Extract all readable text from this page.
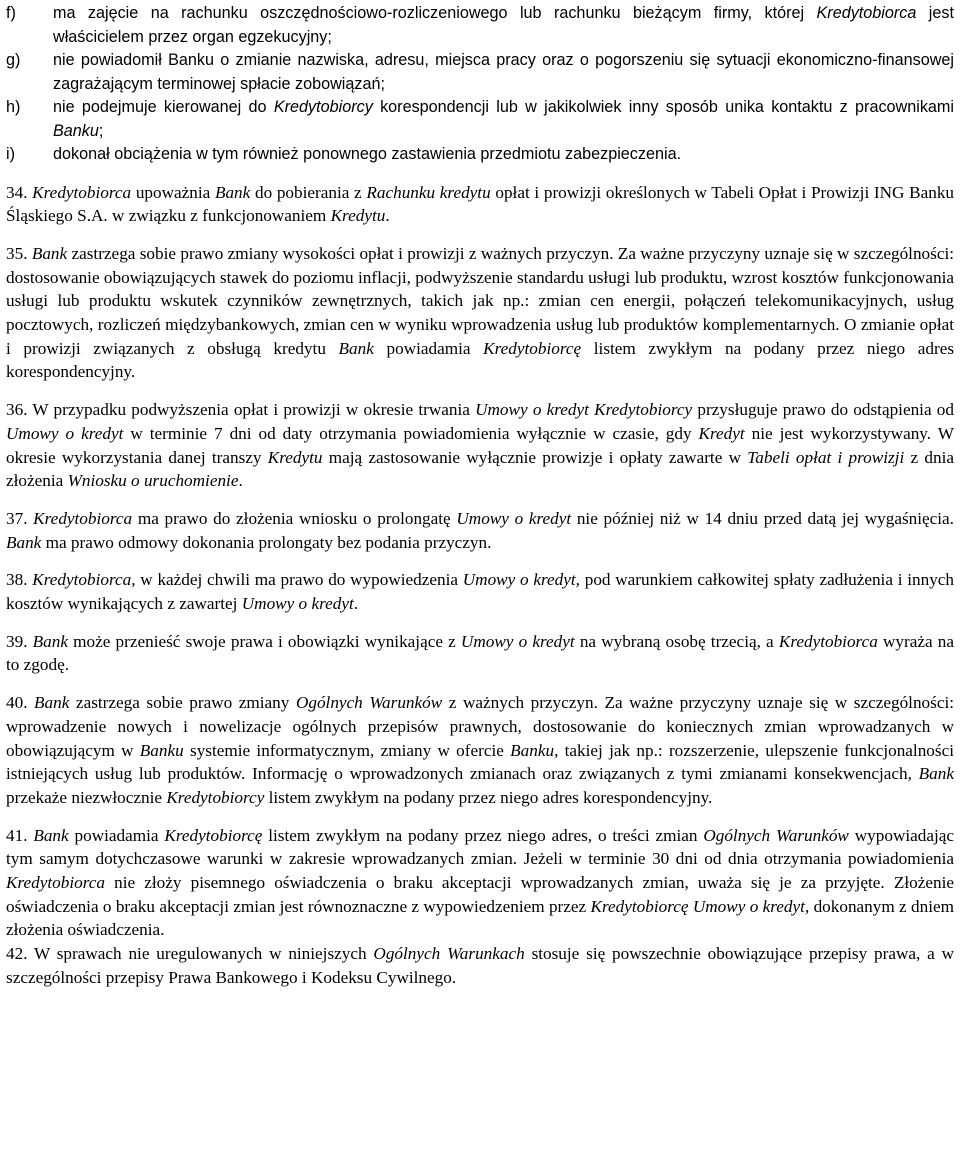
f)	ma zajęcie na rachunku oszczędnościowo-rozliczeniowego lub rachunku bieżącym firmy, której Kredytobiorca jest właścicielem przez organ egzekucyjny;
g)	nie powiadomił Banku o zmianie nazwiska, adresu, miejsca pracy oraz o pogorszeniu się sytuacji ekonomiczno-finansowej zagrażającym terminowej spłacie zobowiązań;
h)	nie podejmuje kierowanej do Kredytobiorcy korespondencji lub w jakikolwiek inny sposób unika kontaktu z pracownikami Banku;
i)	dokonał obciążenia w tym również ponownego zastawienia przedmiotu zabezpieczenia.

34. Kredytobiorca upoważnia Bank do pobierania z Rachunku kredytu opłat i prowizji określonych w Tabeli Opłat i Prowizji ING Banku Śląskiego S.A. w związku z funkcjonowaniem Kredytu.

35. Bank zastrzega sobie prawo zmiany wysokości opłat i prowizji z ważnych przyczyn. Za ważne przyczyny uznaje się w szczególności: dostosowanie obowiązujących stawek do poziomu inflacji, podwyższenie standardu usługi lub produktu, wzrost kosztów funkcjonowania usługi lub produktu wskutek czynników zewnętrznych, takich jak np.: zmian cen energii, połączeń telekomunikacyjnych, usług pocztowych, rozliczeń międzybankowych, zmian cen w wyniku wprowadzenia usług lub produktów komplementarnych. O zmianie opłat i prowizji związanych z obsługą kredytu Bank powiadamia Kredytobiorcę listem zwykłym na podany przez niego adres korespondencyjny.

36. W przypadku podwyższenia opłat i prowizji w okresie trwania Umowy o kredyt Kredytobiorcy przysługuje prawo do odstąpienia od Umowy o kredyt w terminie 7 dni od daty otrzymania powiadomienia wyłącznie w czasie, gdy Kredyt nie jest wykorzystywany. W okresie wykorzystania danej transzy Kredytu mają zastosowanie wyłącznie prowizje i opłaty zawarte w Tabeli opłat i prowizji z dnia złożenia Wniosku o uruchomienie.

37. Kredytobiorca ma prawo do złożenia wniosku o prolongatę Umowy o kredyt nie później niż w 14 dniu przed datą jej wygaśnięcia. Bank ma prawo odmowy dokonania prolongaty bez podania przyczyn.

38. Kredytobiorca, w każdej chwili ma prawo do wypowiedzenia Umowy o kredyt, pod warunkiem całkowitej spłaty zadłużenia i innych kosztów wynikających z zawartej Umowy o kredyt.

39. Bank może przenieść swoje prawa i obowiązki wynikające z Umowy o kredyt na wybraną osobę trzecią, a Kredytobiorca wyraża na to zgodę.

40. Bank zastrzega sobie prawo zmiany Ogólnych Warunków z ważnych przyczyn. Za ważne przyczyny uznaje się w szczególności: wprowadzenie nowych i nowelizacje ogólnych przepisów prawnych, dostosowanie do koniecznych zmian wprowadzanych w obowiązującym w Banku systemie informatycznym, zmiany w ofercie Banku, takiej jak np.: rozszerzenie, ulepszenie funkcjonalności istniejących usług lub produktów. Informację o wprowadzonych zmianach oraz związanych z tymi zmianami konsekwencjach, Bank przekaże niezwłocznie Kredytobiorcy listem zwykłym na podany przez niego adres korespondencyjny.

41. Bank powiadamia Kredytobiorcę listem zwykłym na podany przez niego adres, o treści zmian Ogólnych Warunków wypowiadając tym samym dotychczasowe warunki w zakresie wprowadzanych zmian. Jeżeli w terminie 30 dni od dnia otrzymania powiadomienia Kredytobiorca nie złoży pisemnego oświadczenia o braku akceptacji wprowadzanych zmian, uważa się je za przyjęte. Złożenie oświadczenia o braku akceptacji zmian jest równoznaczne z wypowiedzeniem przez Kredytobiorcę Umowy o kredyt, dokonanym z dniem złożenia oświadczenia.

42. W sprawach nie uregulowanych w niniejszych Ogólnych Warunkach stosuje się powszechnie obowiązujące przepisy prawa, a w szczególności przepisy Prawa Bankowego i Kodeksu Cywilnego.
